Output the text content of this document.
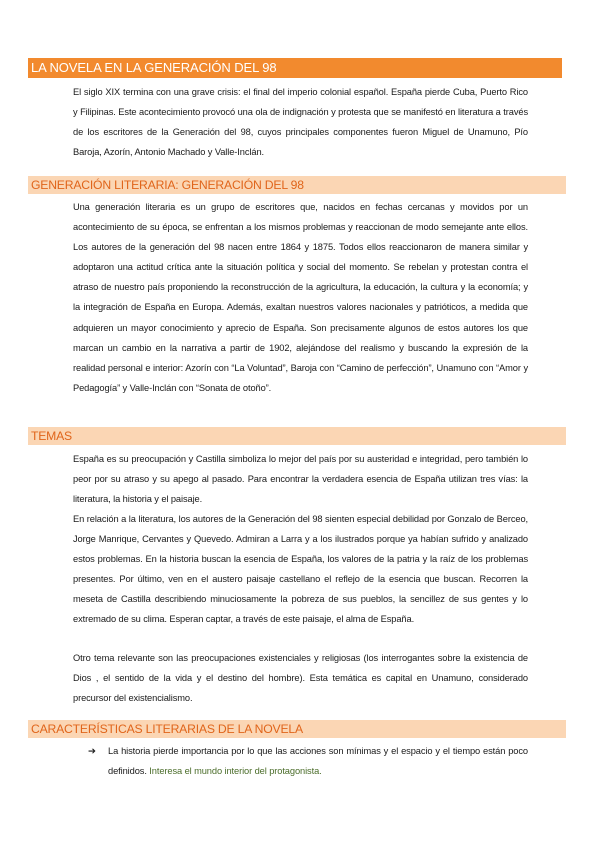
LA NOVELA EN LA GENERACIÓN DEL 98

El siglo XIX termina con una grave crisis: el final del imperio colonial español. España pierde Cuba, Puerto Rico y Filipinas. Este acontecimiento provocó una ola de indignación y protesta que se manifestó en literatura a través de los escritores de la Generación del 98, cuyos principales componentes fueron Miguel de Unamuno, Pío Baroja, Azorín, Antonio Machado y Valle-Inclán.

GENERACIÓN LITERARIA: GENERACIÓN DEL 98

Una generación literaria es un grupo de escritores que, nacidos en fechas cercanas y movidos por un acontecimiento de su época, se enfrentan a los mismos problemas y reaccionan de modo semejante ante ellos. Los autores de la generación del 98 nacen entre 1864 y 1875. Todos ellos reaccionaron de manera similar y adoptaron una actitud crítica ante la situación política y social del momento. Se rebelan y protestan contra el atraso de nuestro país proponiendo la reconstrucción de la agricultura, la educación, la cultura y la economía; y la integración de España en Europa. Además, exaltan nuestros valores nacionales y patrióticos, a medida que adquieren un mayor conocimiento y aprecio de España. Son precisamente algunos de estos autores los que marcan un cambio en la narrativa a partir de 1902, alejándose del realismo y buscando la expresión de la realidad personal e interior: Azorín con “La Voluntad”, Baroja con “Camino de perfección”, Unamuno con “Amor y Pedagogía” y Valle-Inclán con “Sonata de otoño”.

TEMAS

España es su preocupación y Castilla simboliza lo mejor del país por su austeridad e integridad, pero también lo peor por su atraso y su apego al pasado. Para encontrar la verdadera esencia de España utilizan tres vías: la literatura, la historia y el paisaje.

En relación a la literatura, los autores de la Generación del 98 sienten especial debilidad por Gonzalo de Berceo, Jorge Manrique, Cervantes y Quevedo. Admiran a Larra y a los ilustrados porque ya habían sufrido y analizado estos problemas. En la historia buscan la esencia de España, los valores de la patria y la raíz de los problemas presentes. Por último, ven en el austero paisaje castellano el reflejo de la esencia que buscan. Recorren la meseta de Castilla describiendo minuciosamente la pobreza de sus pueblos, la sencillez de sus gentes y lo extremado de su clima. Esperan captar, a través de este paisaje, el alma de España.

Otro tema relevante son las preocupaciones existenciales y religiosas (los interrogantes sobre la existencia de Dios , el sentido de la vida y el destino del hombre). Esta temática es capital en Unamuno, considerado precursor del existencialismo.

CARACTERÍSTICAS LITERARIAS DE LA NOVELA
➔	La historia pierde importancia por lo que las acciones son mínimas y el espacio y el tiempo están poco definidos. Interesa el mundo interior del protagonista.
